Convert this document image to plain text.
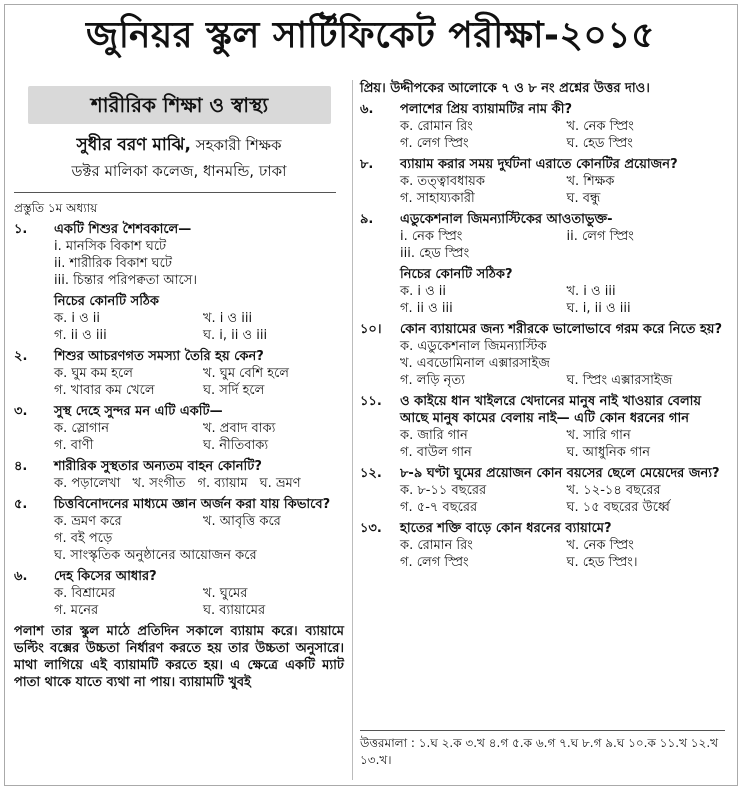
জুনিয়র স্কুল সার্টিফিকেট পরীক্ষা-২০১৫
শারীরিক শিক্ষা ও স্বাস্থ্য
সুধীর বরণ মাঝি, সহকারী শিক্ষক
ডক্টর মালিকা কলেজ, ধানমন্ডি, ঢাকা
প্রস্তুতি ১ম অধ্যায়
১.	একটি শিশুর শৈশবকালে—
i. মানসিক বিকাশ ঘটে
ii. শারীরিক বিকাশ ঘটে
iii. চিন্তার পরিপক্বতা আসে।
নিচের কোনটি সঠিক
ক. i ও ii	খ. i ও iii
গ. ii ও iii	ঘ. i, ii ও iii
২.	শিশুর আচরণগত সমস্যা তৈরি হয় কেন?
ক. ঘুম কম হলে	খ. ঘুম বেশি হলে
গ. খাবার কম খেলে	ঘ. সর্দি হলে
৩.	সুস্থ দেহে সুন্দর মন এটি একটি—
ক. স্লোগান	খ. প্রবাদ বাক্য
গ. বাণী	ঘ. নীতিবাক্য
৪.	শারীরিক সুস্থতার অন্যতম বাহন কোনটি?
ক. পড়ালেখা খ. সংগীত গ. ব্যায়াম ঘ. ভ্রমণ
৫.	চিত্তবিনোদনের মাধ্যমে জ্ঞান অর্জন করা যায় কিভাবে?
ক. ভ্রমণ করে	খ. আবৃত্তি করে
গ. বই পড়ে
ঘ. সাংস্কৃতিক অনুষ্ঠানের আয়োজন করে
৬.	দেহ কিসের আধার?
ক. বিশ্রামের	খ. ঘুমের
গ. মনের	ঘ. ব্যায়ামের
পলাশ তার স্কুল মাঠে প্রতিদিন সকালে ব্যায়াম করে। ব্যায়ামে ভল্টিং বক্সের উচ্চতা নির্ধারণ করতে হয় তার উচ্চতা অনুসারে। মাথা লাগিয়ে এই ব্যায়ামটি করতে হয়। এ ক্ষেত্রে একটি ম্যাট পাতা থাকে যাতে ব্যথা না পায়। ব্যায়ামটি খুবই
প্রিয়। উদ্দীপকের আলোকে ৭ ও ৮ নং প্রশ্নের উত্তর দাও।
৬.	পলাশের প্রিয় ব্যায়ামটির নাম কী?
ক. রোমান রিং	খ. নেক স্প্রিং
গ. লেগ স্প্রিং	ঘ. হেড স্প্রিং
৮.	ব্যায়াম করার সময় দুর্ঘটনা এরাতে কোনটির প্রয়োজন?
ক. তত্ত্বাবধায়ক	খ. শিক্ষক
গ. সাহায্যকারী	ঘ. বন্ধু
৯.	এডুকেশনাল জিমন্যাস্টিকের আওতাভুক্ত-
i. নেক স্প্রিং	ii. লেগ স্প্রিং
iii. হেড স্প্রিং
নিচের কোনটি সঠিক?
ক. i ও ii	খ. i ও iii
গ. ii ও iii	ঘ. i, ii ও iii
১০।	কোন ব্যায়ামের জন্য শরীরকে ভালোভাবে গরম করে নিতে হয়?
ক. এডুকেশনাল জিমন্যাস্টিক
খ. এবডোমিনাল এক্সারসাইজ
গ. লড়ি নৃত্য	ঘ. স্প্রিং এক্সারসাইজ
১১.	ও কাইয়ে ধান খাইলরে খেদানের মানুষ নাই খাওয়ার বেলায় আছে মানুষ কামের বেলায় নাই— এটি কোন ধরনের গান
ক. জারি গান	খ. সারি গান
গ. বাউল গান	ঘ. আধুনিক গান
১২.	৮-৯ ঘণ্টা ঘুমের প্রয়োজন কোন বয়সের ছেলে মেয়েদের জন্য?
ক. ৮-১১ বছরের	খ. ১২-১৪ বছরের
গ. ৫-৭ বছরের	ঘ. ১৫ বছরের উর্ধ্বে
১৩.	হাতের শক্তি বাড়ে কোন ধরনের ব্যায়ামে?
ক. রোমান রিং	খ. নেক স্প্রিং
গ. লেগ স্প্রিং	ঘ. হেড স্প্রিং।
উত্তরমালা : ১.ঘ ২.ক ৩.খ ৪.গ ৫.ক ৬.গ ৭.ঘ ৮.গ ৯.ঘ ১০.ক ১১.খ ১২.খ ১৩.খ।
